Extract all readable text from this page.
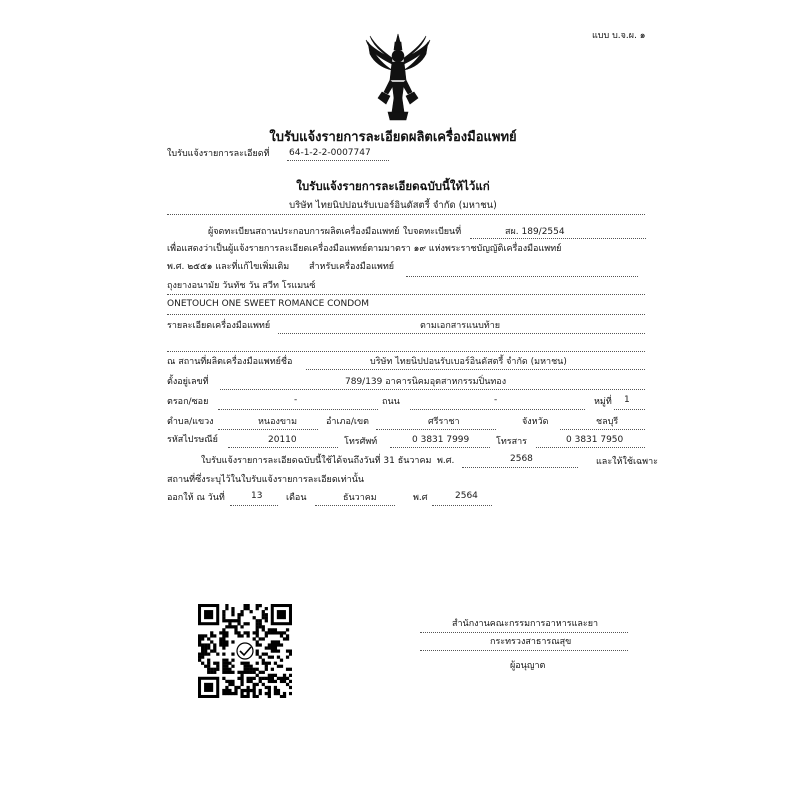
แบบ บ.จ.ผ. ๑
ใบรับแจ้งรายการละเอียดผลิตเครื่องมือแพทย์
ใบรับแจ้งรายการละเอียดที่ 64-1-2-2-0007747
ใบรับแจ้งรายการละเอียดฉบับนี้ให้ไว้แก่
บริษัท ไทยนิปปอนรับเบอร์อินดัสตรี้ จำกัด (มหาชน)
ผู้จดทะเบียนสถานประกอบการผลิตเครื่องมือแพทย์ ใบจดทะเบียนที่	สผ. 189/2554
เพื่อแสดงว่าเป็นผู้แจ้งรายการละเอียดเครื่องมือแพทย์ตามมาตรา ๑๙ แห่งพระราชบัญญัติเครื่องมือแพทย์
พ.ศ. ๒๕๕๑ และที่แก้ไขเพิ่มเติม สำหรับเครื่องมือแพทย์
ถุงยางอนามัย วันทัช วัน สวีท โรแมนซ์
ONETOUCH ONE SWEET ROMANCE CONDOM
รายละเอียดเครื่องมือแพทย์	ตามเอกสารแนบท้าย
ณ สถานที่ผลิตเครื่องมือแพทย์ชื่อ	บริษัท ไทยนิปปอนรับเบอร์อินดัสตรี้ จำกัด (มหาชน)
ตั้งอยู่เลขที่	789/139 อาคารนิคมอุตสาหกรรมปิ่นทอง
ตรอก/ซอย	-	ถนน	-	หมู่ที่ 1
ตำบล/แขวง	หนองขาม	อำเภอ/เขต	ศรีราชา	จังหวัด	ชลบุรี
รหัสไปรษณีย์	20110	โทรศัพท์	0 3831 7999	โทรสาร	0 3831 7950
ใบรับแจ้งรายการละเอียดฉบับนี้ใช้ได้จนถึงวันที่ 31 ธันวาคม พ.ศ.	2568	และให้ใช้เฉพาะ
สถานที่ซึ่งระบุไว้ในใบรับแจ้งรายการละเอียดเท่านั้น
ออกให้ ณ วันที่	13	เดือน	ธันวาคม	พ.ศ	2564
สำนักงานคณะกรรมการอาหารและยา
กระทรวงสาธารณสุข
ผู้อนุญาต
